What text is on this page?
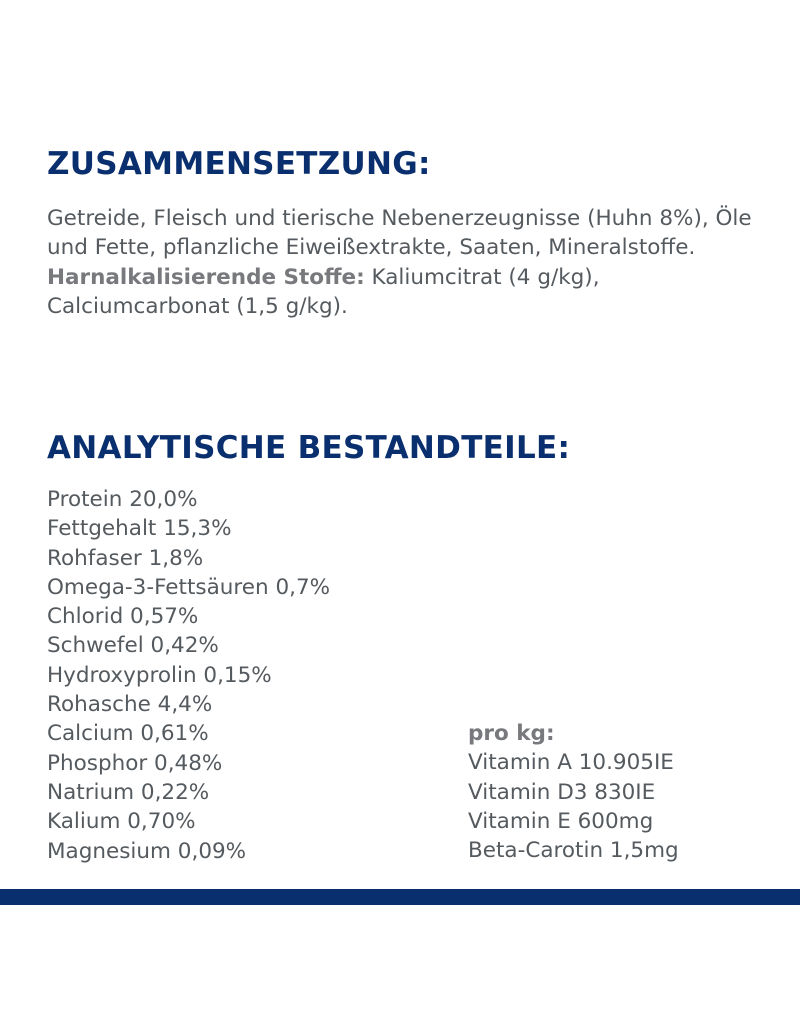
ZUSAMMENSETZUNG:

Getreide, Fleisch und tierische Nebenerzeugnisse (Huhn 8%), Öle und Fette, pflanzliche Eiweißextrakte, Saaten, Mineralstoffe.
Harnalkalisierende Stoffe: Kaliumcitrat (4 g/kg), Calciumcarbonat (1,5 g/kg).

ANALYTISCHE BESTANDTEILE:
Protein 20,0%
Fettgehalt 15,3%
Rohfaser 1,8%
Omega-3-Fettsäuren 0,7%
Chlorid 0,57%
Schwefel 0,42%
Hydroxyprolin 0,15%
Rohasche 4,4%
Calcium 0,61%
Phosphor 0,48%
Natrium 0,22%
Kalium 0,70%
Magnesium 0,09%
pro kg:
Vitamin A 10.905IE
Vitamin D3 830IE
Vitamin E 600mg
Beta-Carotin 1,5mg
